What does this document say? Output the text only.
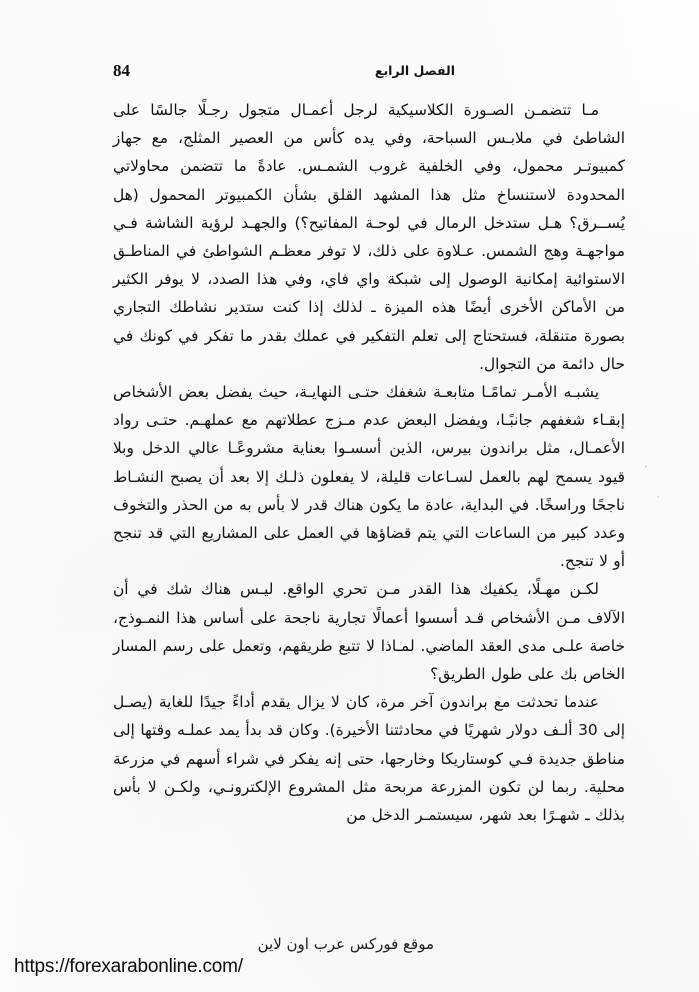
الفصل الرابع
84

مـا تتضمـن الصـورة الكلاسيكية لرجل أعمـال متجول رجـلًا جالسًا على الشاطئ في ملابـس السباحة، وفي يده كأس من العصير المثلج، مع جهاز كمبيوتـر محمول، وفي الخلفية غروب الشمـس. عادةً ما تتضمن محاولاتي المحدودة لاستنساخ مثل هذا المشهد القلق بشأن الكمبيوتر المحمول (هل يُســرق؟ هـل ستدخل الرمال في لوحـة المفاتيح؟) والجهـد لرؤية الشاشة فـي مواجهـة وهج الشمس. عـلاوة على ذلك، لا توفر معظـم الشواطئ في المناطـق الاستوائية إمكانية الوصول إلى شبكة واي فاي، وفي هذا الصدد، لا يوفر الكثير من الأماكن الأخرى أيضًا هذه الميزة ـ لذلك إذا كنت ستدير نشاطك التجاري بصورة متنقلة، فستحتاج إلى تعلم التفكير في عملك بقدر ما تفكر في كونك في حال دائمة من التجوال.

يشبـه الأمـر تمامًـا متابعـة شغفك حتـى النهايـة، حيث يفضل بعض الأشخاص إبقـاء شغفهم جانبًـا، ويفضل البعض عدم مـزج عطلاتهم مع عملهـم. حتـى رواد الأعمـال، مثل براندون بيرس، الذين أسسـوا بعناية مشروعًـا عالي الدخل وبلا قيود يسمح لهم بالعمل لسـاعات قليلة، لا يفعلون ذلـك إلا بعد أن يصبح النشـاط ناجحًا وراسخًا. في البداية، عادة ما يكون هناك قدر لا بأس به من الحذر والتخوف وعدد كبير من الساعات التي يتم قضاؤها في العمل على المشاريع التي قد تنجح أو لا تنجح.

لكـن مهـلًا، يكفيك هذا القدر مـن تحري الواقع. ليـس هناك شك في أن الآلاف مـن الأشخاص قـد أسسوا أعمالًا تجارية ناجحة على أساس هذا النمـوذج، خاصة علـى مدى العقد الماضي. لمـاذا لا تتبع طريقهم، وتعمل على رسم المسار الخاص بك على طول الطريق؟

عندما تحدثت مع براندون آخر مرة، كان لا يزال يقدم أداءً جيدًا للغاية (يصـل إلى 30 ألـف دولار شهريًا في محادثتنا الأخيرة). وكان قد بدأ يمد عملـه وقتها إلى مناطق جديدة فـي كوستاريكا وخارجها، حتى إنه يفكر في شراء أسهم في مزرعة محلية. ربما لن تكون المزرعة مربحة مثل المشروع الإلكترونـي، ولكـن لا بأس بذلك ـ شهـرًا بعد شهر، سيستمـر الدخل من

موقع فوركس عرب اون لاين
https://forexarabonline.com/
